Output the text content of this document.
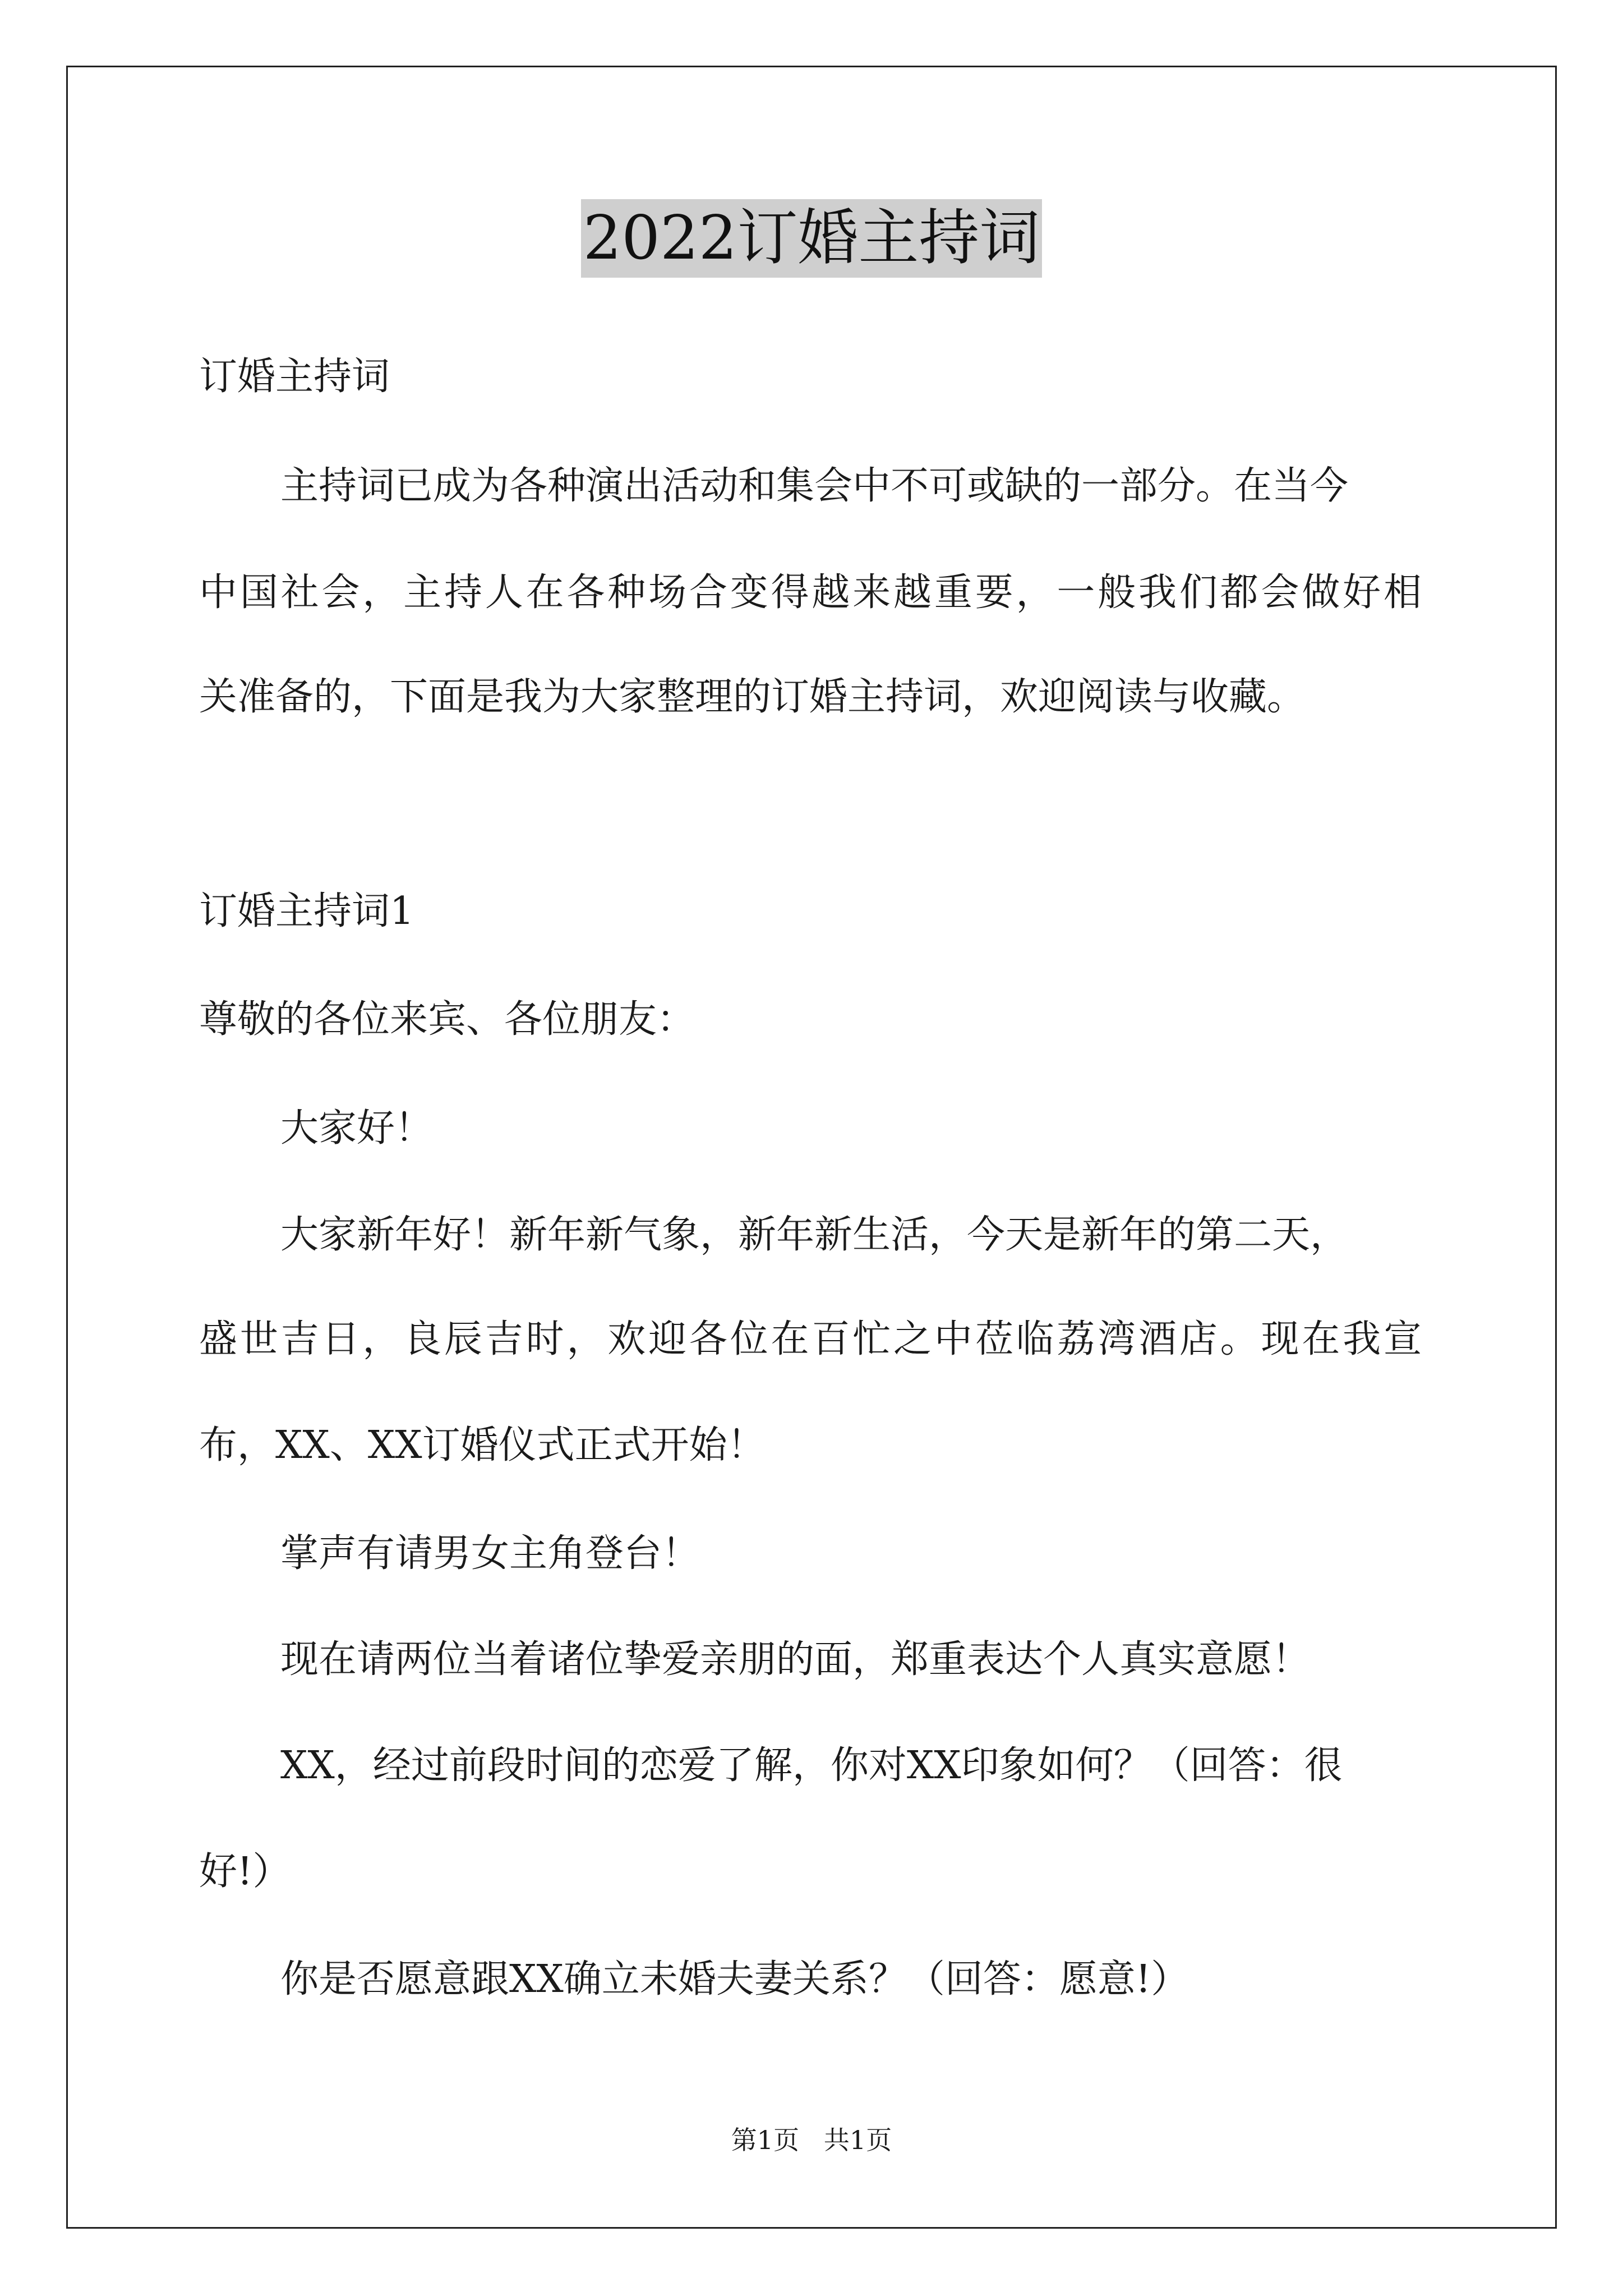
2022订婚主持词
订婚主持词
主持词已成为各种演出活动和集会中不可或缺的一部分。在当今
中国社会，主持人在各种场合变得越来越重要，一般我们都会做好相
关准备的，下面是我为大家整理的订婚主持词，欢迎阅读与收藏。
订婚主持词1
尊敬的各位来宾、各位朋友：
大家好！
大家新年好！新年新气象，新年新生活，今天是新年的第二天，
盛世吉日，良辰吉时，欢迎各位在百忙之中莅临荔湾酒店。现在我宣
布，XX、XX订婚仪式正式开始！
掌声有请男女主角登台！
现在请两位当着诸位挚爱亲朋的面，郑重表达个人真实意愿！
XX，经过前段时间的恋爱了解，你对XX印象如何？（回答：很
好!）
你是否愿意跟XX确立未婚夫妻关系？（回答：愿意!）
第1页   共1页
